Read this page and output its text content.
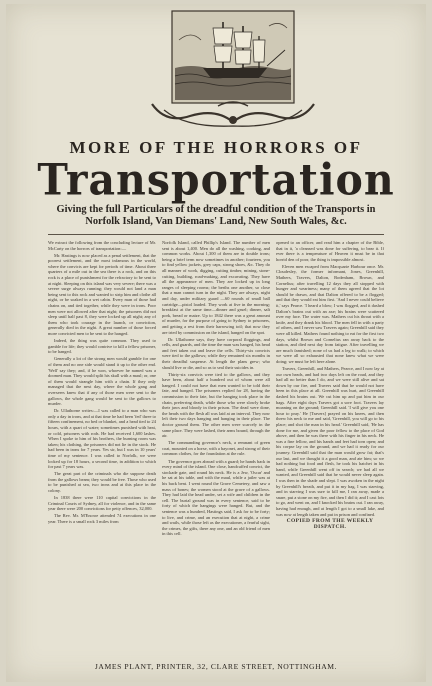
MORE OF THE HORRORS OF
Transportation
Giving the full Particulars of the dreadful condition of the Transports in Norfolk Island, Van Diemans' Land, New South Wales, &c.

We extract the following from the concluding lecture of Mr. McCarty on the horrors of transportation:—

Mr. Hastings is now placed as a penal settlement, that the poorest settlement, and the most infamous in the world, where the convicts are kept for periods of time. About three quarters of a mile out in the sea there is a rock, and on this rock is a place of punishment for the refractory to be sent to at night. Sleeping on this island was very severe; there was a severe surge always running; they would not land a man being sent to this rock and wanted to strip him and clothe all night, or be soaked in a wet cabin. Every man of those had chains on, and tied together, while they were in irons. Poor men were not allowed after that night; the prisoners did not sleep until half past 8, they were locked up all night; any of them who took courage in the launch, or conviction, generally died in the night. A great number of those forced more convicted men to be sent to the hanged.

Indeed, the thing was quite common. They used to gamble for life; they would contrive to kill a fellow prisoner, to be hanged.

Generally a lot of the strong men would gamble for one of them and no one side would stand it up to the other end. 'Well' say they; and, if he won, whoever he named was a doomed man. They would split his skull with a maul; or, one of them would strangle him with a chain. If they only managed that the next day, where the whole gang and overseers knew that if any of those men were sent to the gallows, the whole gang would be sent to the gallows to murder.

Dr. Ullathorne writes:—I was called to a man who was only a day in irons, and at that time he had been 'fed' three to fifteen confinement, no bed or blanket, and a head tied to 24 hours, with a quart of water; sometimes punished with heat, or cold, prisoners with rods. He had received 1,600 lashes. When I spoke to him of his brothers, the burning room was taken; his clothing, the prisoners did not lie in the stock. He had been in irons for 7 years. Yes sir, but I was in 10 years' time of my sentence. I was called to Norfolk, we were locked up for 18 hours, a second time, in addition to which for past 7 years was.

The great part of the criminals who die suppose death from the gallows beam; they would be free. Those who used to be punished at sea, two irons and at this place in the colony.

In 1838 there were 110 capital convictions in the Criminal Courts of Sydney, all for violence, and in the same year there were 200 convictions for petty offences, 32,000.

The Rev. Mr. M'Encroe attended 74 executions in one year. There is a small rock 3 miles from

Norfolk Island, called Phillip's Island. The number of men sent is about 1,400. Men do all the washing, cooking, and common works. About 1,300 of them are in double irons; being a brief term now sometimes in another; fourteen, you to find yellow jackets, grey caps, strong shoes, &c. They do all manner of work, digging, cutting timber, mining, stone-cutting, building, road-making, and excavating. They have all the appearance of men. They are locked up in long ranges of sleeping rooms; the berths one another, so close that a man cannot turn in the night. They are always, night and day, under military guard —60 rounds of small ball cartridge—pistol loaded. They work at five in the morning; breakfast at the same time—dinner and gruel; dinner, salt pork, bread or maize. Up to 1842 there was a great amount of murder, for the purpose of going to Sydney to prisoners, and getting a rest from their harrowing toil; that now they are tried by commission on the island, hanged on the spot.

Dr. Ullathorne says, they have corporal floggings, and cells, and guards, and the time the man was hanged, his head and feet taken out and leave the cells. Thirty-six convicts were tied to the gallows; while they remained six months in their dreadful suspense. At length the plans grew; who should live or die, and so as to seal their suicides in.

Thirty-six convicts were tied to the gallows, and they have been, about half a hundred out of whom were all hanged. I could not have that men wanted to be told their fate, and hanged. The prisoners replied for 28, having the commission to their fate, but the hanging took place in the chain, preferring death, while those who were slowly broke their jaws and bloody in their prison. The dead were done, the heads with the flesh all was laid at an interval. They now left their two days hanging and hanging in their place. The doctor ground them. The other men were scarcely in the same place. They were lashed, their arms bound, through the air.

The commanding governor's neck, a remnant of green coat, mounted on a horse, with a bayonet, and strong of their common clothes, for the foundation at the rule.

The governor goes abroad with a guard; he hands back in every mind of the island. One close, handcuffed convict, the stockade gate, and round his neck. He is a Jew, 'Oscar' and he sat at his table, and with the maul, while a jailer was at his back bent. I went round the Grave Cemetery, and saw a mass of bones; the women stood at the grave of a gallows. They had laid the head under, set a wife and children in the cell. The burial ground was in every sentence, said to be forty of which the hangings were hanged. But, and the sentence was a hundred, Hastings said, I ask for to be forty; to live, and crime, and an execution that at night, a crime and wails, while those left as the executioner, a fearful sight, the crimes, the gifts, there any one, and an old friend of men in this cell.

opened to an officer, and read him a chapter of the Bible, that in it, 'a cleansed was done for suffering, to bear it. If ever there is a temperature of Heaven it must be in that horrid den of poor, the thing is impossible almost.

Eleven men escaped from Macquarie Harbour once. Mr. Cloudesley, the former informant, Jones, Greenhill, Mathers, Travers, Dalton, Bodenham, Brown, and Cornelius; after travelling 12 days they all stopped with hunger and weariness; many of them agreed that the lot should be drawn, and that Dalton offered to be a flogged; and that they would eat him first. 'And I never could believe it,' says Pearce. 'I heard a blow; I was flogged, and it dashed Dalton's brains out with an axe; his brains were scattered over my face. The water was. Mathers cut his throat with a knife, and they drank his blood. The men fell in with a party of others, and I never saw Travers again; Greenhill said they were all killed. Mathers found nothing to eat for the first two days, whilst Brown and Cornelius ran away back to the station, and died next day from fatigue. After travelling we are much famished; none of us had a leg to walk; to which we were all so exhausted that none knew what we were doing; we must be left here alone.

Travers, Greenhill, and Mathers, Pearce, and I now lay at our own heads, and had two days left on the road, and they had all no better than I do, and we were still alive and sat down by our fire, and Travers said that he would not have been in this place at all. Greenhill was hurt, and Greenhill dashed his brains out. We cut him up and put him in our bags. After eight days Travers got a sore foot. Travers lay moaning on the ground; Greenhill said. 'I will give you one hour to pray.' He [Travers] prayed on his knees, and then threw his neck to me and said, 'Greenhill, you will go to his place; and shot the man in his head.' Greenhill said, 'He has done for me, and given the poor fellow to the place of God above, and then he was there with his finger in his neck. He was a fine fellow, and his hands and feet had torn open; and his corpse lay on the ground, and we had it ready for our journey. Greenhill said that the man would grow fat; that's our last, and we thought it a good man, and ate him; so we had nothing but food and flesh, he took his hatchet in his hand, while Greenhill went off in search; we had all we wanted, and Greenhill said that he would never sleep again. I was then in the shade and slept. I was awoken in the night by Greenhill's breath, and put it in my bag, I was starving, and in starving I was sure to kill me, I ran away, made a snare, put a stone on my fire, and then I did it; and I cast lots to go, and went on, and I knocked his brains out. I ran away, having had enough, and at length I got to a small lake, and was now at length taken and put in prison and confined.

COPIED FROM THE WEEKLY DISPATCH.
JAMES PLANT, PRINTER, 32, CLARE STREET, NOTTINGHAM.
